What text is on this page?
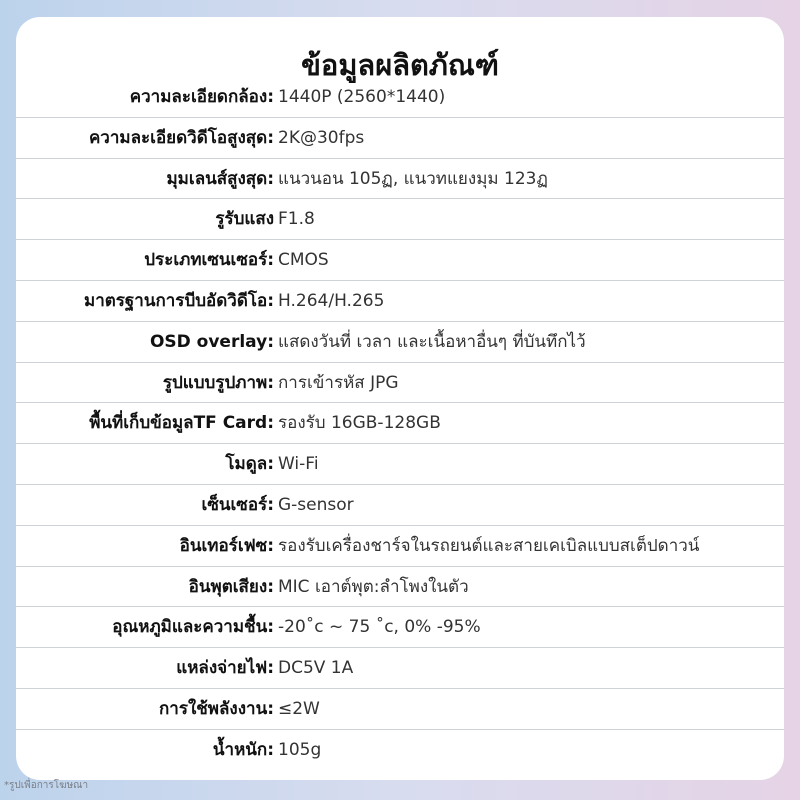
ข้อมูลผลิตภัณฑ์
ความละเอียดกล้อง: 1440P (2560*1440)
ความละเอียดวิดีโอสูงสุด: 2K@30fps
มุมเลนส์สูงสุด: แนวนอน 105ฏ, แนวทแยงมุม 123ฏ
รูรับแสง F1.8
ประเภทเซนเซอร์: CMOS
มาตรฐานการบีบอัดวิดีโอ: H.264/H.265
OSD overlay: แสดงวันที่ เวลา และเนื้อหาอื่นๆ ที่บันทึกไว้
รูปแบบรูปภาพ: การเข้ารหัส JPG
พื้นที่เก็บข้อมูลTF Card: รองรับ 16GB-128GB
โมดูล: Wi-Fi
เซ็นเซอร์: G-sensor
อินเทอร์เฟซ: รองรับเครื่องชาร์จในรถยนต์และสายเคเบิลแบบสเต็ปดาวน์
อินพุตเสียง: MIC เอาต์พุต:ลำโพงในตัว
อุณหภูมิและความชื้น: -20˚c ~ 75 ˚c, 0% -95%
แหล่งจ่ายไฟ: DC5V 1A
การใช้พลังงาน: ≤2W
น้ำหนัก: 105g
*รูปเพื่อการโฆษณา
